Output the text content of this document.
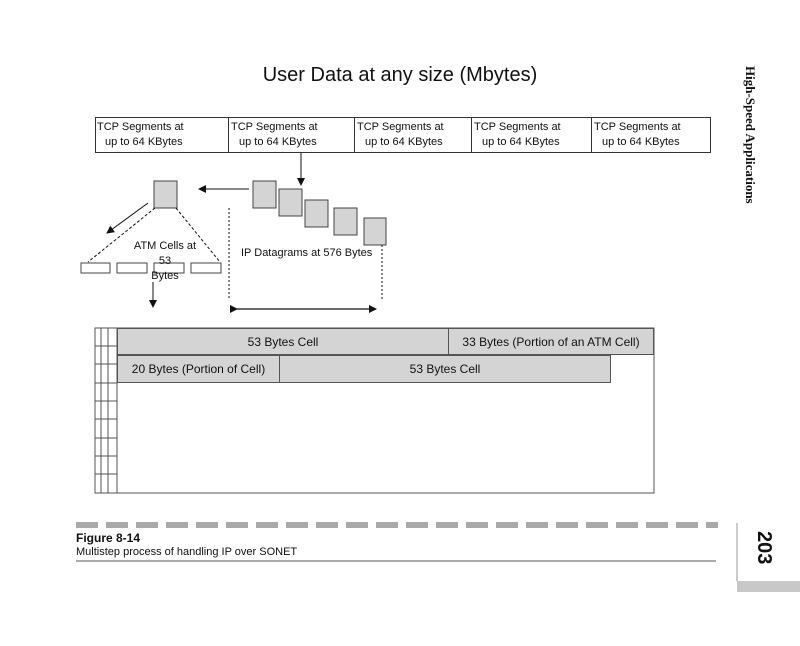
User Data at any size (Mbytes)
TCP Segments at
up to 64 KBytes
TCP Segments at
up to 64 KBytes
TCP Segments at
up to 64 KBytes
TCP Segments at
up to 64 KBytes
TCP Segments at
up to 64 KBytes
ATM Cells at 53
Bytes
IP Datagrams at 576 Bytes
53 Bytes Cell	33 Bytes (Portion of an ATM Cell)
20 Bytes (Portion of Cell)	53 Bytes Cell
Figure 8-14
Multistep process of handling IP over SONET
High-Speed Applications
203
